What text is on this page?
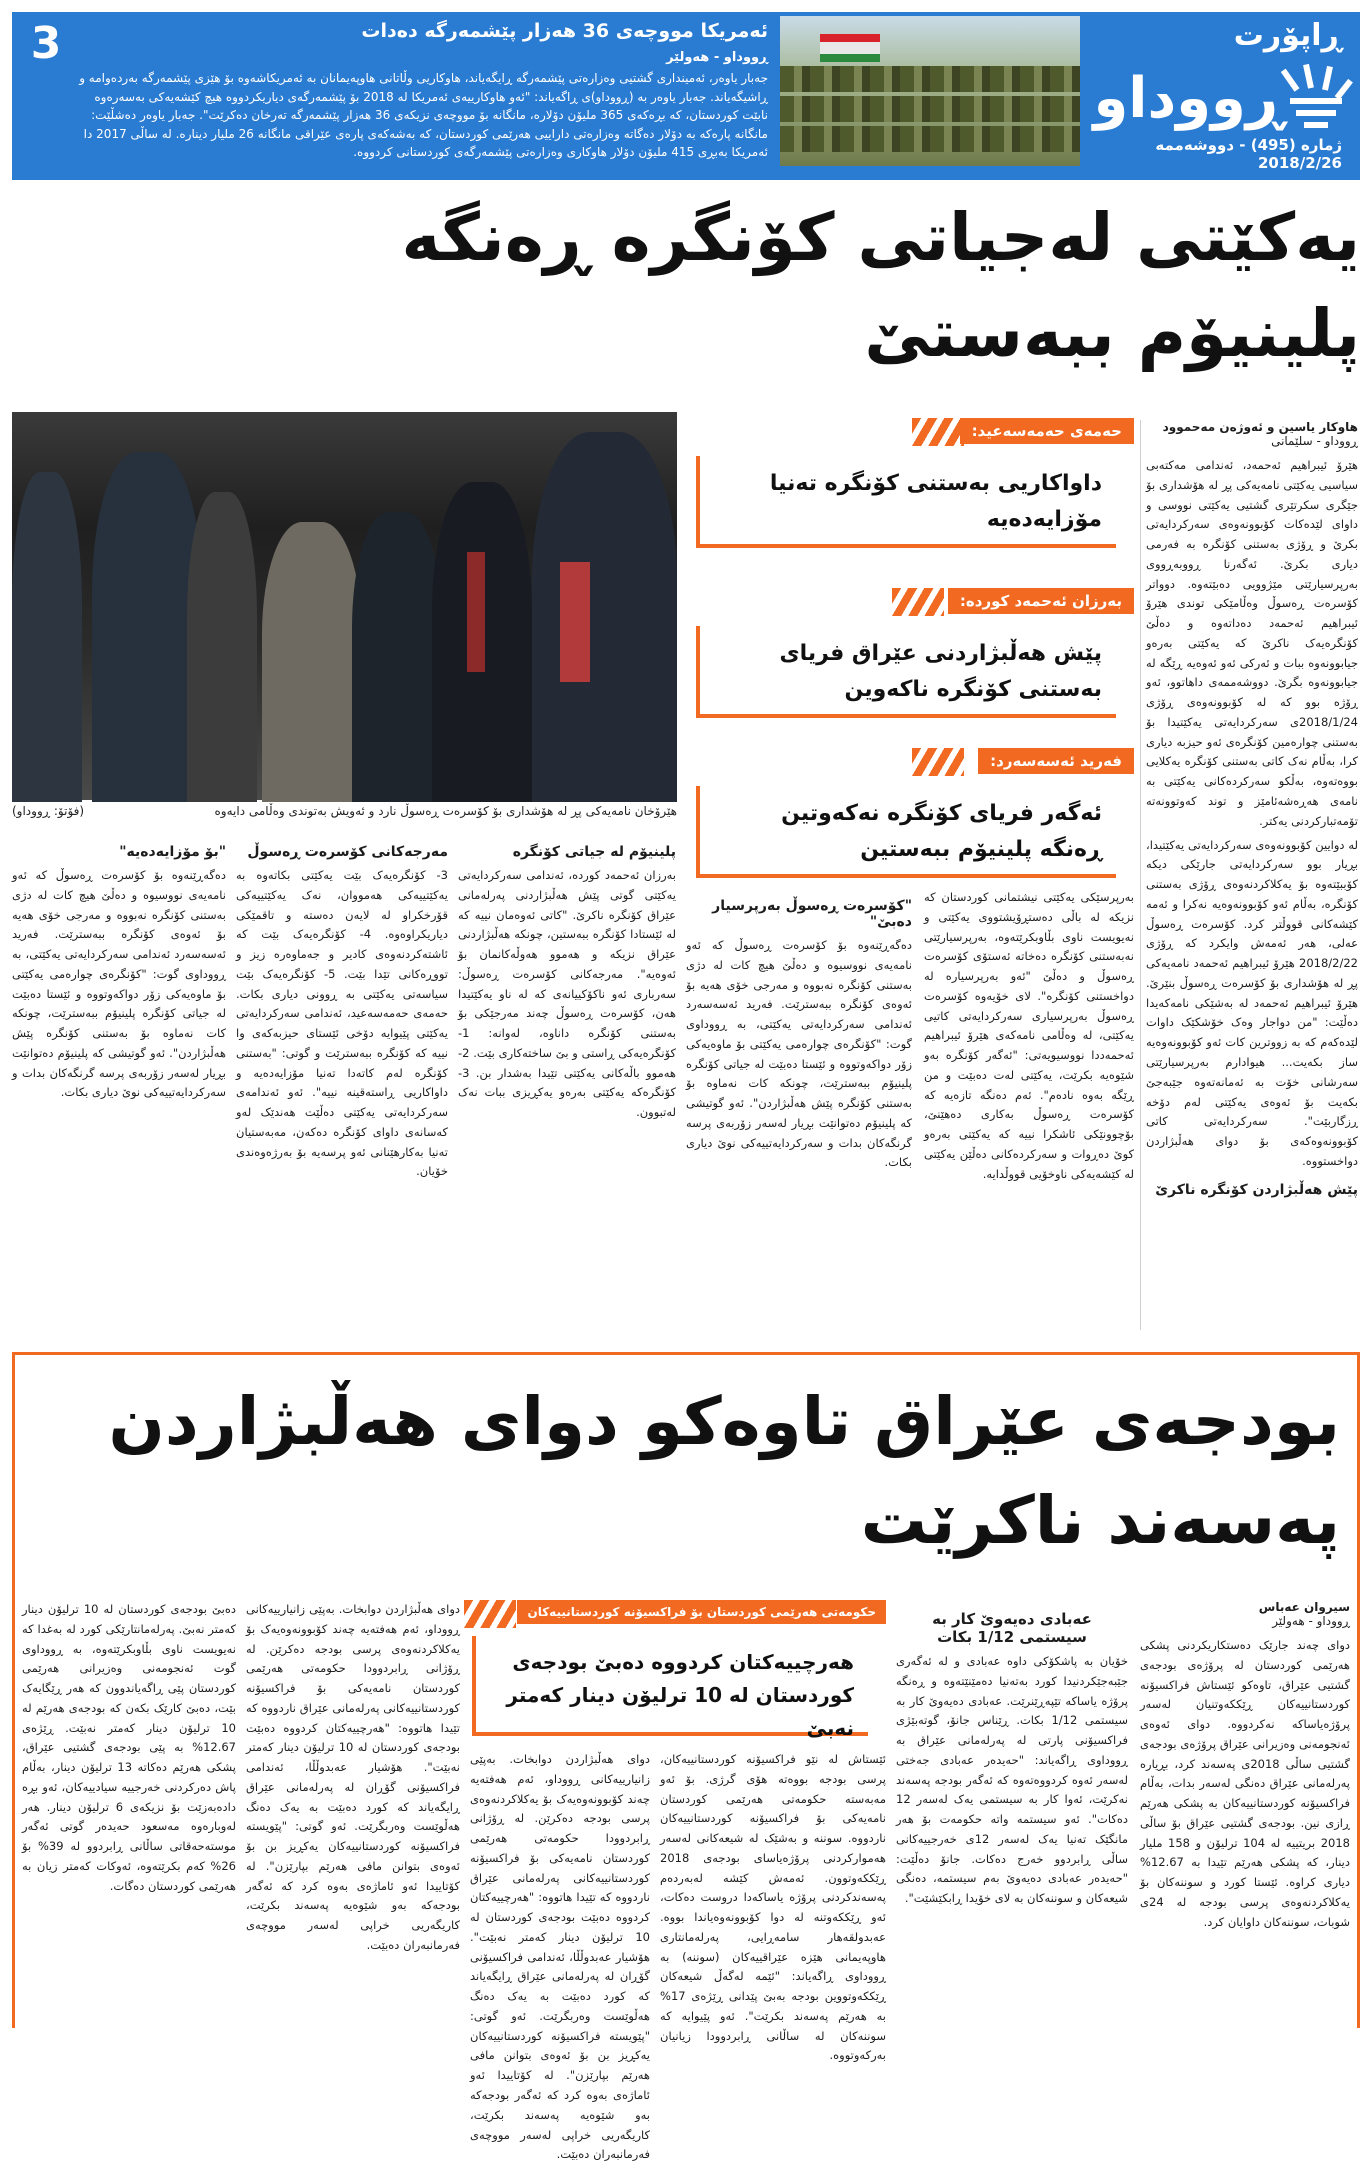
3	ئەمریکا مووچەی 36 هەزار پێشمەرگە دەدات
ڕووداو - هەولێر

جەبار یاوەر، ئەمینداری گشتیی وەزارەتی پێشمەرگە ڕایگەیاند، هاوکاریی وڵاتانی هاوپەیمانان بە ئەمریکاشەوە بۆ هێزی پێشمەرگە بەردەوامە و ڕاشیگەیاند. جەبار یاوەر بە (ڕووداو)ی ڕاگەیاند: "ئەو هاوکارییەی ئەمریکا لە 2018 بۆ پێشمەرگەی دیاریکردووە هیچ کێشەیەکی بەسەرەوە نابێت کوردستان، کە بڕەکەی 365 ملیۆن دۆلارە، مانگانە بۆ مووچەی نزیکەی 36 هەزار پێشمەرگە تەرخان دەکرێت". جەبار یاوەر دەشڵێت: مانگانە پارەکە بە دۆلار دەگاتە وەزارەتی داراییی هەرێمی کوردستان، کە بەشەکەی پارەی عێراقی مانگانە 26 ملیار دینارە. لە ساڵی 2017 دا ئەمریکا بەبڕی 415 ملیۆن دۆلار هاوکاری وەزارەتی پێشمەرگەی کوردستانی کردووە.

ڕاپۆرت
ڕووداو
ژمارە (495) - دووشەممە 2018/2/26
یەکێتی لەجیاتی کۆنگرە ڕەنگە
پلینیۆم ببەستێ
هێرۆخان نامەیەکی پڕ لە هۆشداری بۆ کۆسرەت ڕەسوڵ نارد و ئەویش بەتوندی وەڵامی دایەوە
(فۆتۆ: ڕووداو)
حەمەی حەمەسەعید:
داواکاریی بەستنی کۆنگرە تەنیا مۆزایەدەیە
بەرزان ئەحمەد کوردە:
پێش هەڵبژاردنی عێراق فریای بەستنی کۆنگرە ناکەوین
فەرید ئەسەسەرد:
ئەگەر فریای کۆنگرە نەکەوتین ڕەنگە پلینیۆم ببەستین
هاوکار یاسین و ئەوژەن مەحموود
ڕووداو - سلێمانی

هێرۆ ئیبراهیم ئەحمەد، ئەندامی مەکتەبی سیاسیی یەکێتی نامەیەکی پڕ لە هۆشداری بۆ جێگری سکرتێری گشتیی یەکێتی نووسی و داوای لێدەکات کۆبوونەوەی سەرکردایەتی بکرێ و ڕۆژی بەستنی کۆنگرە بە فەرمی دیاری بکرێ. ئەگەرنا ڕووبەڕووی بەرپرسیارێتی مێژوویی دەبێتەوە. دوواتر کۆسرەت ڕەسوڵ وەڵامێکی توندی هێرۆ ئیبراهیم ئەحمەد دەداتەوە و دەڵێ کۆنگرەیەک ناکرێ کە یەکێتی بەرەو جیابوونەوە ببات و ئەرکی ئەو ئەوەیە ڕێگە لە جیابوونەوە بگرێ. دووشەممەی داهاتوو، ئەو ڕۆژە بوو کە لە کۆبوونەوەی ڕۆژی 2018/1/24ی سەرکردایەتی یەکێتیدا بۆ بەستنی چوارەمین کۆنگرەی ئەو حیزبە دیاری کرا، بەڵام نەک کاتی بەستنی کۆنگرە یەکلایی بووەتەوە، بەڵکو سەرکردەکانی یەکێتی بە نامەی هەڕەشەئامێز و توند کەوتوونەتە تۆمەتبارکردنی یەکتر.

لە دوایین کۆبوونەوەی سەرکردایەتی یەکێتیدا، بڕیار بوو سەرکردایەتی جارێکی دیکە کۆببێتەوە بۆ یەکلاکردنەوەی ڕۆژی بەستنی کۆنگرە، بەڵام ئەو کۆبوونەوەیە نەکرا و ئەمە کێشەکانی قووڵتر کرد. کۆسرەت ڕەسوڵ عەلی، هەر ئەمەش وایکرد کە ڕۆژی 2018/2/22 هێرۆ ئیبراهیم ئەحمەد نامەیەکی پڕ لە هۆشداری بۆ کۆسرەت ڕەسوڵ بنێرێ. هێرۆ ئیبراهیم ئەحمەد لە بەشێکی نامەکەیدا دەڵێت: "من دواجار وەک خۆشکێک داوات لێدەکەم کە بە زووترین کات ئەو کۆبوونەوەیە ساز بکەیت... هیوادارم بەرپرسیارێتی سەرشانی خۆت بە ئەمانەتەوە جێبەجێ بکەیت بۆ ئەوەی یەکێتی لەم دۆخە ڕزگاربێت". سەرکردایەتی کاتی کۆبوونەوەکەی بۆ دوای هەڵبژاردن دواخستووە.

پێش هەڵبژاردن کۆنگرە ناکرێ

بەرپرسێکی یەکێتی نیشتمانی کوردستان کە نزیکە لە باڵی دەستڕۆیشتووی یەکێتی و نەیویست ناوی بڵاوبکرێتەوە، بەرپرسیارێتی نەبەستنی کۆنگرە دەخاتە ئەستۆی کۆسرەت ڕەسوڵ و دەڵێ "ئەو بەرپرسیارە لە دواخستنی کۆنگرە". لای خۆیەوە کۆسرەت ڕەسوڵ بەرپرسیاری سەرکردایەتی کاتیی یەکێتی، لە وەڵامی نامەکەی هێرۆ ئیبراهیم ئەحمەددا نووسیویەتی: "ئەگەر کۆنگرە بەو شێوەیە بکرێت، یەکێتی لەت دەبێت و من ڕێگە بەوە نادەم". ئەم دەنگە تازەیە کە کۆسرەت ڕەسوڵ بەکاری دەهێنێ، بۆچوونێکی ئاشکرا نییە کە یەکێتی بەرەو کوێ دەڕوات و سەرکردەکانی دەڵێن یەکێتی لە کێشەیەکی ناوخۆیی قووڵدایە.

"کۆسرەت ڕەسوڵ بەرپرسیار دەبێ"

دەگەڕێنەوە بۆ کۆسرەت ڕەسوڵ کە ئەو نامەیەی نووسیوە و دەڵێ هیچ کات لە دژی بەستنی کۆنگرە نەبووە و مەرجی خۆی هەیە بۆ ئەوەی کۆنگرە ببەسترێت. فەرید ئەسەسەرد ئەندامی سەرکردایەتی یەکێتی، بە ڕووداوی گوت: "کۆنگرەی چوارەمی یەکێتی بۆ ماوەیەکی زۆر دواکەوتووە و ئێستا دەبێت لە جیاتی کۆنگرە پلینیۆم ببەسترێت، چونکە کات نەماوە بۆ بەستنی کۆنگرە پێش هەڵبژاردن". ئەو گوتیشی کە پلینیۆم دەتوانێت بڕیار لەسەر زۆربەی پرسە گرنگەکان بدات و سەرکردایەتییەکی نوێ دیاری بکات.

پلینیۆم لە جیاتی کۆنگرە

بەرزان ئەحمەد کوردە، ئەندامی سەرکردایەتی یەکێتی گوتی پێش هەڵبژاردنی پەرلەمانی عێراق کۆنگرە ناکرێ. "کاتی ئەوەمان نییە کە لە ئێستادا کۆنگرە ببەستین، چونکە هەڵبژاردنی عێراق نزیکە و هەموو هەوڵەکانمان بۆ ئەوەیە". مەرجەکانی کۆسرەت ڕەسوڵ: سەرباری ئەو ناکۆکییانەی کە لە ناو یەکێتیدا هەن، کۆسرەت ڕەسوڵ چەند مەرجێکی بۆ بەستنی کۆنگرە داناوە، لەوانە: 1- کۆنگرەیەکی ڕاستی و بێ ساختەکاری بێت. 2- هەموو باڵەکانی یەکێتی تێیدا بەشدار بن. 3- کۆنگرەکە یەکێتی بەرەو یەکڕیزی ببات نەک لەتبوون.

مەرجەکانی کۆسرەت ڕەسوڵ

3- کۆنگرەیەک بێت یەکێتی بکاتەوە بە یەکێتییەکی هەمووان، نەک یەکێتییەکی قۆرخکراو لە لایەن دەستە و تاقمێکی دیاریکراوەوە. 4- کۆنگرەیەک بێت کە ئاشتەکردنەوەی کادیر و جەماوەرە زیز و تووڕەکانی تێدا بێت. 5- کۆنگرەیەک بێت سیاسەتی یەکێتی بە ڕوونی دیاری بکات. حەمەی حەمەسەعید، ئەندامی سەرکردایەتی یەکێتی پێیوایە دۆخی ئێستای حیزبەکەی وا نییە کە کۆنگرە ببەسترێت و گوتی: "بەستنی کۆنگرە لەم کاتەدا تەنیا مۆزایەدەیە و داواکاریی ڕاستەقینە نییە". ئەو ئەندامەی سەرکردایەتی یەکێتی دەڵێت هەندێک لەو کەسانەی داوای کۆنگرە دەکەن، مەبەستیان تەنیا بەکارهێنانی ئەو پرسەیە بۆ بەرژەوەندی خۆیان.

"بۆ مۆزایەدەیە"

دەگەڕێنەوە بۆ کۆسرەت ڕەسوڵ کە ئەو نامەیەی نووسیوە و دەڵێ هیچ کات لە دژی بەستنی کۆنگرە نەبووە و مەرجی خۆی هەیە بۆ ئەوەی کۆنگرە ببەسترێت. فەرید ئەسەسەرد ئەندامی سەرکردایەتی یەکێتی، بە ڕووداوی گوت: "کۆنگرەی چوارەمی یەکێتی بۆ ماوەیەکی زۆر دواکەوتووە و ئێستا دەبێت لە جیاتی کۆنگرە پلینیۆم ببەسترێت، چونکە کات نەماوە بۆ بەستنی کۆنگرە پێش هەڵبژاردن". ئەو گوتیشی کە پلینیۆم دەتوانێت بڕیار لەسەر زۆربەی پرسە گرنگەکان بدات و سەرکردایەتییەکی نوێ دیاری بکات.

بودجەی عێراق تاوەکو دوای هەڵبژاردن
پەسەند ناکرێت
سیروان عەباس
ڕووداو - هەولێر

دوای چەند جارێک دەستکاریکردنی پشکی هەرێمی کوردستان لە پرۆژەی بودجەی گشتیی عێراق، تاوەکو ئێستاش فراکسیۆنە کوردستانییەکان ڕێککەوتنیان لەسەر پرۆژەیاساکە نەکردووە. دوای ئەوەی ئەنجومەنی وەزیرانی عێراق پرۆژەی بودجەی گشتیی ساڵی 2018ی پەسەند کرد، بڕیارە پەرلەمانی عێراق دەنگی لەسەر بدات، بەڵام فراکسیۆنە کوردستانییەکان بە پشکی هەرێم ڕازی نین. بودجەی گشتیی عێراق بۆ ساڵی 2018 بریتییە لە 104 ترلیۆن و 158 ملیار دینار، کە پشکی هەرێم تێیدا بە 12.67% دیاری کراوە. ئێستا کورد و سوننەکان بۆ یەکلاکردنەوەی پرسی بودجە لە 24ی شوبات، سوننەکان داوایان کرد.

عەبادی دەیەوێ کار بە سیستمی 1/12 بکات

خۆیان بە پاشکۆکی داوە عەبادی و لە ئەگەری جێبەجێکردنیدا کورد بەتەنیا دەمێنێتەوە و ڕەنگە پرۆژە یاساکە تێپەڕێنرێت. عەبادی دەیەوێ کار بە سیستمی 1/12 بکات. ڕێناس جانۆ، گوتەبێژی فراکسیۆنی پارتی لە پەرلەمانی عێراق بە ڕووداوی ڕاگەیاند: "حەیدەر عەبادی جەختی لەسەر ئەوە کردووەتەوە کە ئەگەر بودجە پەسەند نەکرێت، ئەوا کار بە سیستمی یەک لەسەر 12 دەکات". ئەو سیستمە واتە حکومەت بۆ هەر مانگێک تەنیا یەک لەسەر 12ی خەرجییەکانی ساڵی ڕابردوو خەرج دەکات. جانۆ دەڵێت: "حەیدەر عەبادی دەیەوێ بەم سیستمە، دەنگی شیعەکان و سوننەکان بە لای خۆیدا ڕابکێشێت".

حکومەتی هەرێمی کوردستان بۆ فراکسیۆنە کوردستانییەکان
هەرچییەکتان کردووە دەبێ بودجەی کوردستان لە 10 ترلیۆن دینار کەمتر نەبێ

ئێستاش لە نێو فراکسیۆنە کوردستانییەکان، پرسی بودجە بووەتە هۆی گرژی. بۆ ئەو مەبەستە حکومەتی هەرێمی کوردستان نامەیەکی بۆ فراکسیۆنە کوردستانییەکان ناردووە. سوننە و بەشێک لە شیعەکانی لەسەر هەموارکردنی پرۆژەیاسای بودجەی 2018 ڕێککەوتوون. ئەمەش کێشە لەبەردەم پەسەندکردنی پرۆژە یاساکەدا دروست دەکات، ئەو ڕێککەوتنە لە دوا کۆبوونەوەیاندا بووە. عەبدولقەهار سامەڕایی، پەرلەمانتاری هاوپەیمانی هێزە عێراقییەکان (سوننە) بە ڕووداوی ڕاگەیاند: "ئێمە لەگەڵ شیعەکان ڕێککەوتووین بودجە بەبێ پێدانی ڕێژەی 17% بە هەرێم پەسەند بکرێت". ئەو پێیوایە کە سوننەکان لە ساڵانی ڕابردوودا زیانیان بەرکەوتووە.

دوای هەڵبژاردن دوابخات. بەپێی زانیارییەکانی ڕووداو، ئەم هەفتەیە چەند کۆبوونەوەیەک بۆ یەکلاکردنەوەی پرسی بودجە دەکرێن. لە ڕۆژانی ڕابردوودا حکومەتی هەرێمی کوردستان نامەیەکی بۆ فراکسیۆنە کوردستانییەکانی پەرلەمانی عێراق ناردووە کە تێیدا هاتووە: "هەرچییەکتان کردووە دەبێت بودجەی کوردستان لە 10 ترلیۆن دینار کەمتر نەبێت". هۆشیار عەبدوڵڵا، ئەندامی فراکسیۆنی گۆڕان لە پەرلەمانی عێراق ڕایگەیاند کە کورد دەبێت بە یەک دەنگ هەڵوێست وەربگرێت. ئەو گوتی: "پێویستە فراکسیۆنە کوردستانییەکان یەکڕیز بن بۆ ئەوەی بتوانن مافی هەرێم بپارێزن". لە کۆتاییدا ئەو ئاماژەی بەوە کرد کە ئەگەر بودجەکە بەو شێوەیە پەسەند بکرێت، کاریگەریی خراپی لەسەر مووچەی فەرمانبەران دەبێت.

دوای هەڵبژاردن دوابخات. بەپێی زانیارییەکانی ڕووداو، ئەم هەفتەیە چەند کۆبوونەوەیەک بۆ یەکلاکردنەوەی پرسی بودجە دەکرێن. لە ڕۆژانی ڕابردوودا حکومەتی هەرێمی کوردستان نامەیەکی بۆ فراکسیۆنە کوردستانییەکانی پەرلەمانی عێراق ناردووە کە تێیدا هاتووە: "هەرچییەکتان کردووە دەبێت بودجەی کوردستان لە 10 ترلیۆن دینار کەمتر نەبێت". هۆشیار عەبدوڵڵا، ئەندامی فراکسیۆنی گۆڕان لە پەرلەمانی عێراق ڕایگەیاند کە کورد دەبێت بە یەک دەنگ هەڵوێست وەربگرێت. ئەو گوتی: "پێویستە فراکسیۆنە کوردستانییەکان یەکڕیز بن بۆ ئەوەی بتوانن مافی هەرێم بپارێزن". لە کۆتاییدا ئەو ئاماژەی بەوە کرد کە ئەگەر بودجەکە بەو شێوەیە پەسەند بکرێت، کاریگەریی خراپی لەسەر مووچەی فەرمانبەران دەبێت.

دەبێ بودجەی کوردستان لە 10 ترلیۆن دینار کەمتر نەبێ. پەرلەمانتارێکی کورد لە بەغدا کە نەیویست ناوی بڵاوبکرێتەوە، بە ڕووداوی گوت ئەنجومەنی وەزیرانی هەرێمی کوردستان پێی ڕاگەیاندوون کە هەر ڕێگایەک بێت، دەبێ کارێک بکەن کە بودجەی هەرێم لە 10 ترلیۆن دینار کەمتر نەبێت. ڕێژەی 12.67% بە پێی بودجەی گشتیی عێراق، پشکی هەرێم دەکاتە 13 ترلیۆن دینار، بەڵام پاش دەرکردنی خەرجییە سیادییەکان، ئەو بڕە دادەبەزێت بۆ نزیکەی 6 ترلیۆن دینار. هەر لەوبارەوە مەسعود حەیدەر گوتی ئەگەر موستەحەقاتی ساڵانی ڕابردوو لە 39% بۆ 26% کەم بکرێتەوە، ئەوکات کەمتر زیان بە هەرێمی کوردستان دەگات.
